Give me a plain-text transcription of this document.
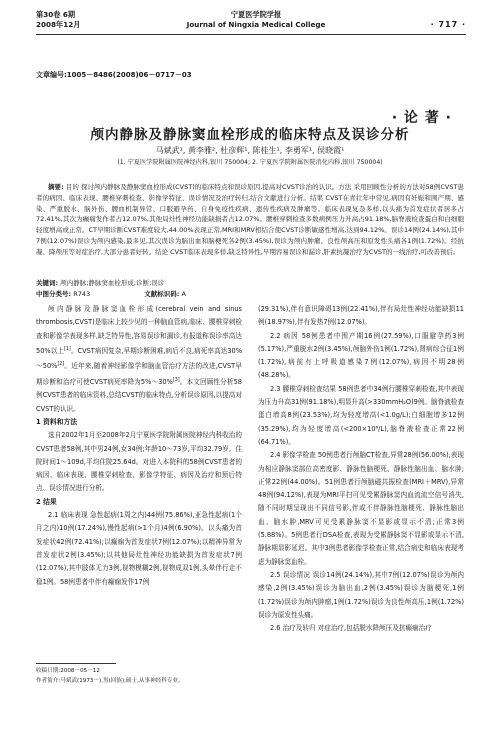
第30卷 6期
2008年12月
宁夏医学院学报
Journal of Ningxia Medical College	· 717 ·
文章编号:1005－8486(2008)06－0717－03
· 论 著 ·
颅内静脉及静脉窦血栓形成的临床特点及误诊分析
马斌武¹, 黄李雅², 杜彦辉¹, 陈桂生¹, 李勇军¹, 侯晓霞¹
(1. 宁夏医学院附属医院神经内科,银川 750004; 2. 宁夏医学院附属医院消化内科,银川 750004)
摘要: 目的 探讨颅内静脉及静脉窦血栓形成(CVST)的临床特点和误诊原因,提高对CVST诊治的认识。方法 采用回顾性分析的方法对58例CVST患者的病因、临床表现、腰椎穿刺检查、影像学特征、误诊情况及治疗转归,结合文献进行分析。结果 CVST在青壮年中常见,病因有妊娠和围产期、感染、严重脱水、脑外伤、腰血机制异常、口服避孕药、自身免疫性疾病、遗传性疾病及肿瘤等。临床表现复杂多样,以头痛为首发症状者居多占72.41%,其次为癫痫发作者占12.07%,其他局灶性神经功能缺损者占12.07%。腰椎穿刺检查多数病例压力升高占91.18%,脑脊液检查蛋白和白细胞轻度增高或正常。CT早期诊断CVST难度较大,44.00%表现正常,MRI和MRV相结合使CVST诊断敏感性增高,达到94.12%。误诊14例(24.14%),其中7例(12.07%)误诊为颅内感染,最多见,其次误诊为脑出血和脑梗死各2例(3.45%),误诊为颅内肿瘤、良性颅高压和原发性头痛各1例(1.72%)。经抗凝、降颅压等对症治疗,大部分患者好转。结论 CVST临床表现多样,缺乏特异性,早期容易误诊和漏诊,肝素抗凝治疗为CVST的一线治疗,可改善预后。
关键词: 颅内静脉;静脉窦血栓形成;诊断;误诊
中图分类号: R743	文献标识码: A

颅内静脉及静脉窦血栓形成(cerebral vein and sinus thrombosis,CVST)是临床上较少见的一种脑血管病,临床、腰椎穿刺检查和影像学表现多样,缺乏特异性,容易误诊和漏诊,有报道称误诊率高达50%以上[1]。CVST病因复杂,早期诊断困难,病后不良,病死率高达30%～50%[2]。近年来,随着神经影像学和脑血管治疗方法的改进,CVST早期诊断和治疗可使CVST病死率降为5%～30%[3]。本文回顾性分析58例CVST患者的临床资料,总结CVST的临床特点,分析误诊原因,以提高对CVST的认识。

1 资料和方法

选自2002年1月至2008年2月宁夏医学院附属医院神经内科收治的CVST患者58例,其中男24例,女34例;年龄10～73岁,平均32.79岁。住院时间1～109d,平均住院25.64d。对进入本院科的58例CVST患者的病因、临床表现、腰椎穿刺检查、影像学特征、病因及治疗和预后特点、误诊情况进行分析。

2 结果

2.1 临床表现 急性起病(1周之内)44例(75.86%),亚急性起病(1个月之内)10例(17.24%),慢性起病(>1个月)4例(6.90%)。以头痛为首发症状42例(72.41%);以癫痫为首发症状7例(12.07%);以精神异常为首发症状2例(3.45%);以其他局灶性神经功能缺损为首发症状7例(12.07%),其中肢体无力3例,视物模糊2例,视物成双1例,头晕伴行走不稳1例。58例患者中伴有癫痫发作17例

(29.31%),伴有意识障碍13例(22.41%),伴有局灶性神经功能缺损11例(18.97%),伴有发热7例(12.07%)。

2.2 病因 58例患者中围产期16例(27.59%),口服避孕药3例(5.17%),严重脱水2例(3.45%),颅脑外伤1例(1.72%),肾病综合征1例(1.72%),病前有上呼吸道感染7例(12.07%),病因不明28例(48.28%)。

2.3 腰椎穿刺检查结果 58例患者中34例行腰椎穿刺检查,其中表现为压力升高31例(91.18%),明显升高(>330mmH₂O)9例。脑脊液检查蛋白增高8例(23.53%),均为轻度增高(<1.0g/L);白细胞增多12例(35.29%),均为轻度增高(<200×10⁶/L),脑脊液检查正常22例(64.71%)。

2.4 影像学检查 50例患者行颅脑CT检查,异常28例(56.00%),表现为相应静脉窦部位高密度影、静脉性脑梗死、静脉性脑出血、脑水肿;正常22例(44.00%)。51例患者行颅脑磁共振检查(MRI＋MRV),异常48例(94.12%),表现为MRI平扫可见受累静脉窦内血流流空信号消失,随不同时期呈现出不同信号影,伴或不伴静脉性脑梗死、静脉性脑出血、脑水肿,MRV可见受累静脉窦不显影或显示不清;正常3例(5.88%)。5例患者行DSA检查,表现为受累静脉窦不显影或显示不清,静脉期显影延迟。其中3例患者影像学检查正常,结合病史和临床表现考虑为静脉窦血栓。

2.5 误诊情况 误诊14例(24.14%),其中7例(12.07%)误诊为颅内感染,2例(3.45%)误诊为脑出血,2例(3.45%)误诊为脑梗死,1例(1.72%)误诊为颅内肿瘤,1例(1.72%)误诊为良性颅高压,1例(1.72%)误诊为原发性头痛。

2.6 治疗及转归 对症治疗,包括脱水降颅压及抗癫痫治疗

收稿日期:2008－05－12
作者简介:马斌武(1973－),男(回族),硕士,从事神经科专业。
